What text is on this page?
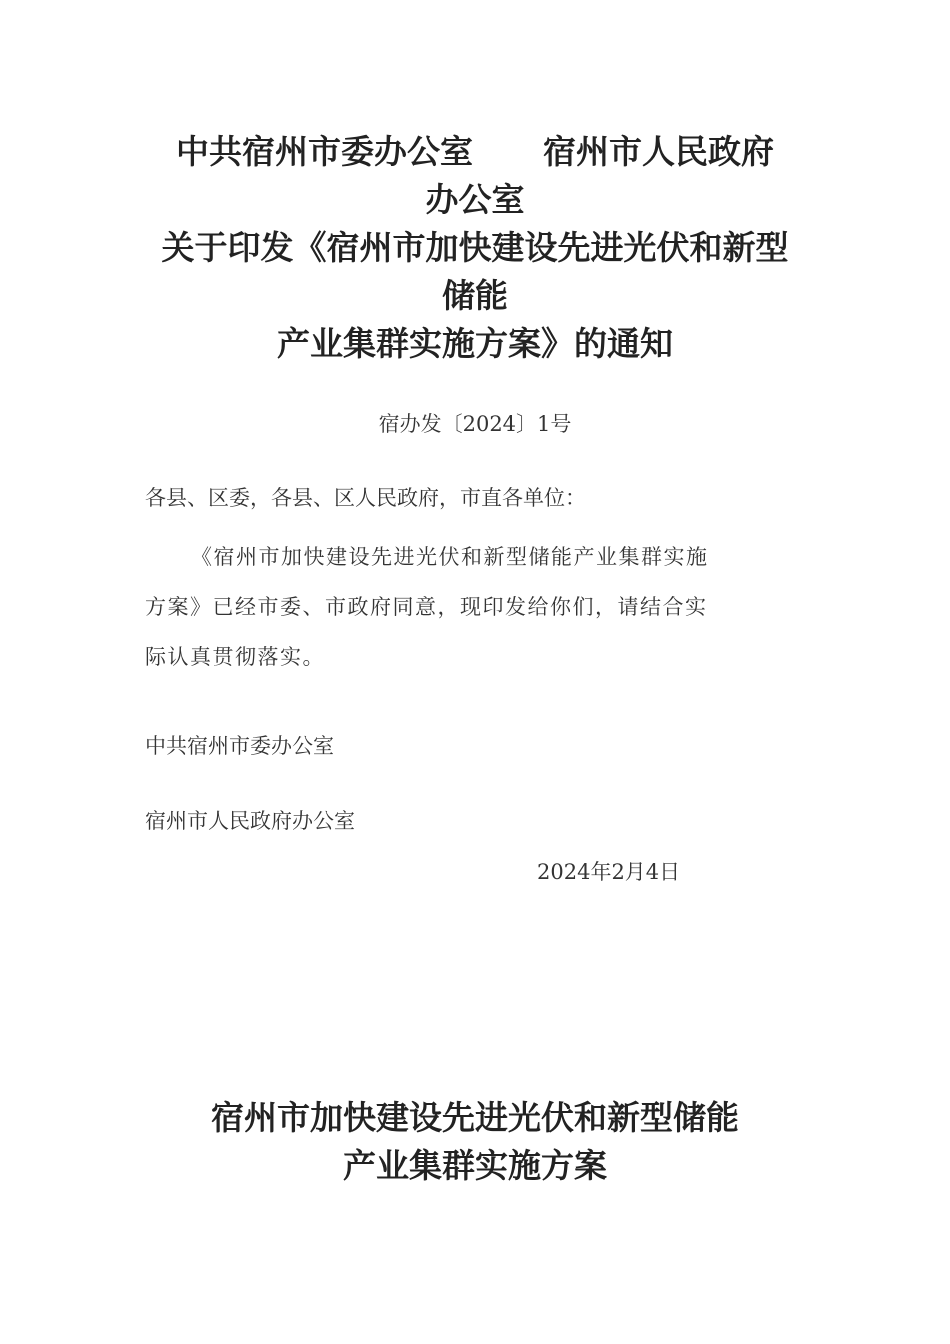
中共宿州市委办公室 宿州市人民政府
办公室
关于印发《宿州市加快建设先进光伏和新型
储能
产业集群实施方案》的通知
宿办发〔2024〕1号
各县、区委，各县、区人民政府，市直各单位：
《宿州市加快建设先进光伏和新型储能产业集群实施
方案》已经市委、市政府同意，现印发给你们，请结合实
际认真贯彻落实。
中共宿州市委办公室
宿州市人民政府办公室
2024年2月4日
宿州市加快建设先进光伏和新型储能
产业集群实施方案
